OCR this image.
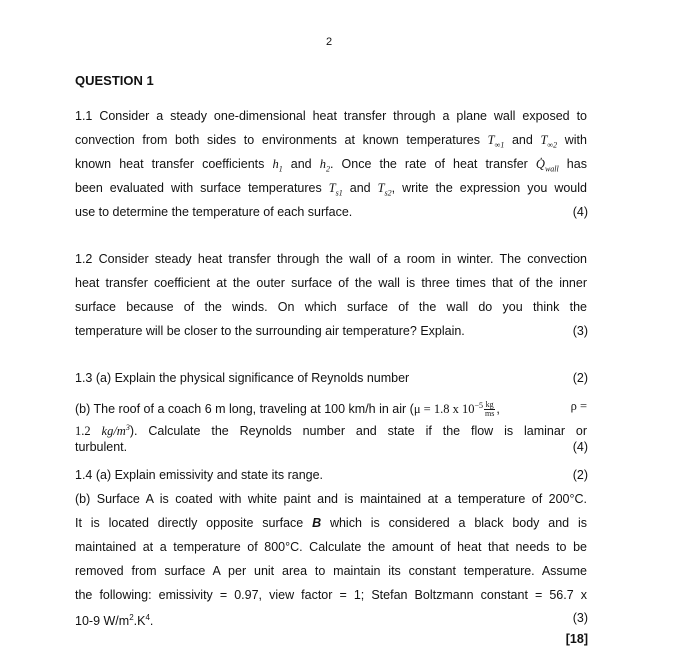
2
QUESTION 1
1.1 Consider a steady one-dimensional heat transfer through a plane wall exposed to
convection from both sides to environments at known temperatures $T_{\infty 1}$ and $T_{\infty 2}$ with
known heat transfer coefficients $h_1$ and $h_2$. Once the rate of heat transfer $Q̇_{wall}$ has
been evaluated with surface temperatures $T_{s1}$ and $T_{s2}$, write the expression you would
use to determine the temperature of each surface.	(4)
1.2 Consider steady heat transfer through the wall of a room in winter. The convection
heat transfer coefficient at the outer surface of the wall is three times that of the inner
surface because of the winds. On which surface of the wall do you think the
temperature will be closer to the surrounding air temperature? Explain.	(3)
1.3 (a) Explain the physical significance of Reynolds number	(2)
(b) The roof of a coach 6 m long, traveling at 100 km/h in air (μ = 1.8 x $10^{-5} \frac{kg}{ms}$ ,	ρ =
1.2 $kg/m^3$). Calculate the Reynolds number and state if the flow is laminar or
turbulent.	(4)
1.4 (a) Explain emissivity and state its range.	(2)
(b) Surface A is coated with white paint and is maintained at a temperature of 200°C.
It is located directly opposite surface B which is considered a black body and is
maintained at a temperature of 800°C. Calculate the amount of heat that needs to be
removed from surface A per unit area to maintain its constant temperature. Assume
the following: emissivity = 0.97, view factor = 1; Stefan Boltzmann constant = 56.7 x
10-9 $W/m^2.K^4$.	(3)
[18]
